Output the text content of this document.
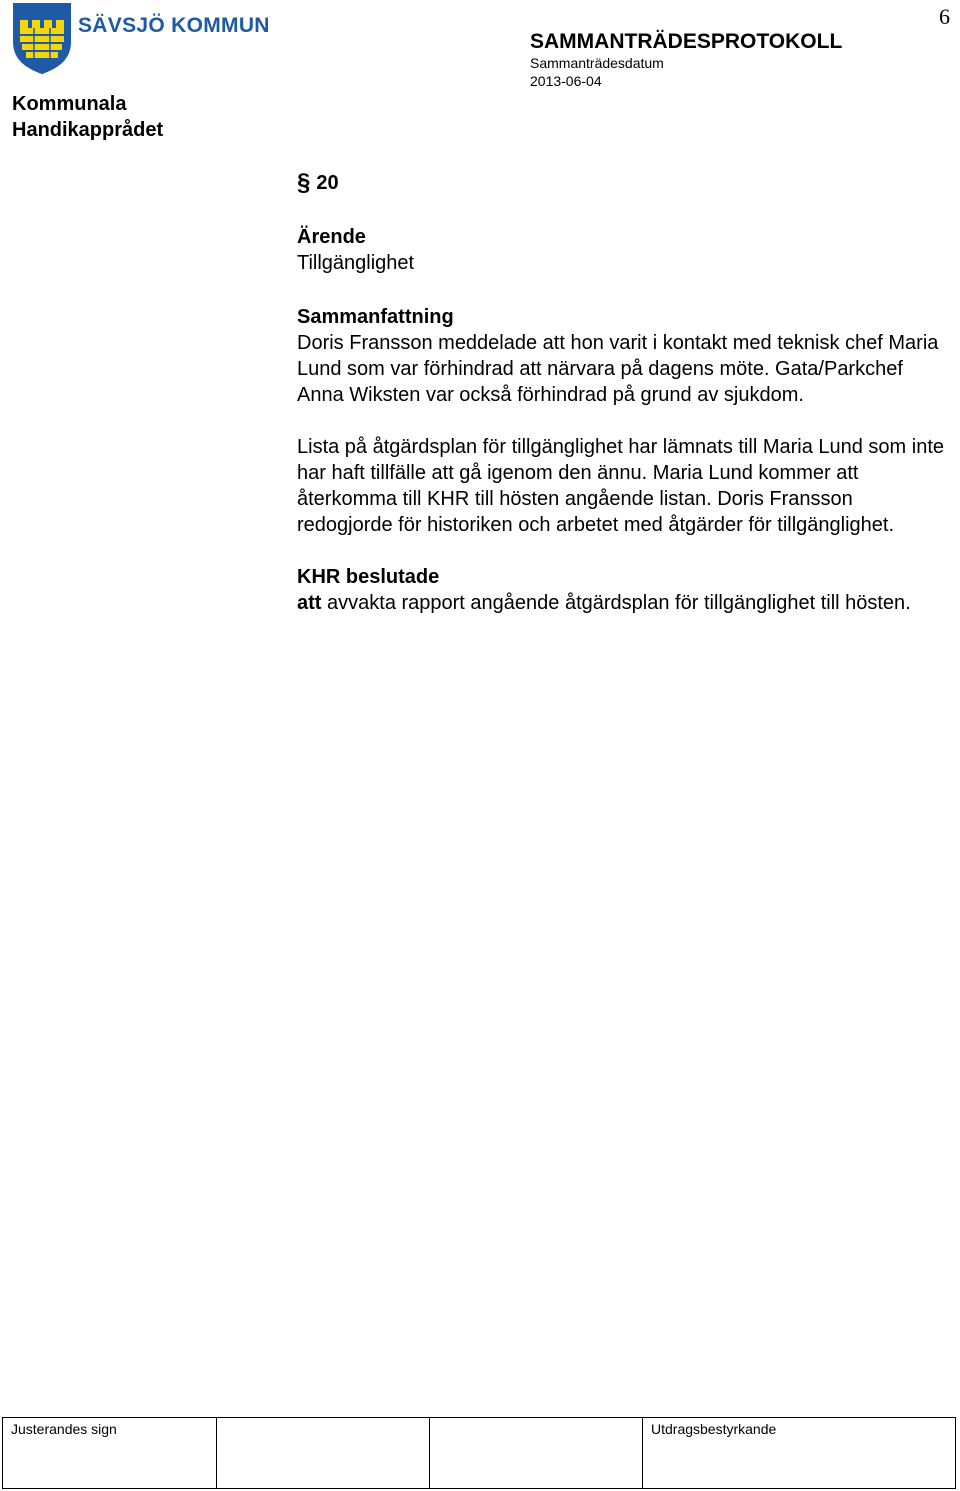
SÄVSJÖ KOMMUN	6
SAMMANTRÄDESPROTOKOLL
Sammanträdesdatum
2013-06-04
Kommunala
Handikapprådet

§ 20

Ärende

Tillgänglighet

Sammanfattning

Doris Fransson meddelade att hon varit i kontakt med teknisk chef Maria Lund som var förhindrad att närvara på dagens möte. Gata/Parkchef Anna Wiksten var också förhindrad på grund av sjukdom.

Lista på åtgärdsplan för tillgänglighet har lämnats till Maria Lund som inte har haft tillfälle att gå igenom den ännu. Maria Lund kommer att återkomma till KHR till hösten angående listan. Doris Fransson redogjorde för historiken och arbetet med åtgärder för tillgänglighet.

KHR beslutade

att avvakta rapport angående åtgärdsplan för tillgänglighet till hösten.

Justerandes sign	Utdragsbestyrkande
